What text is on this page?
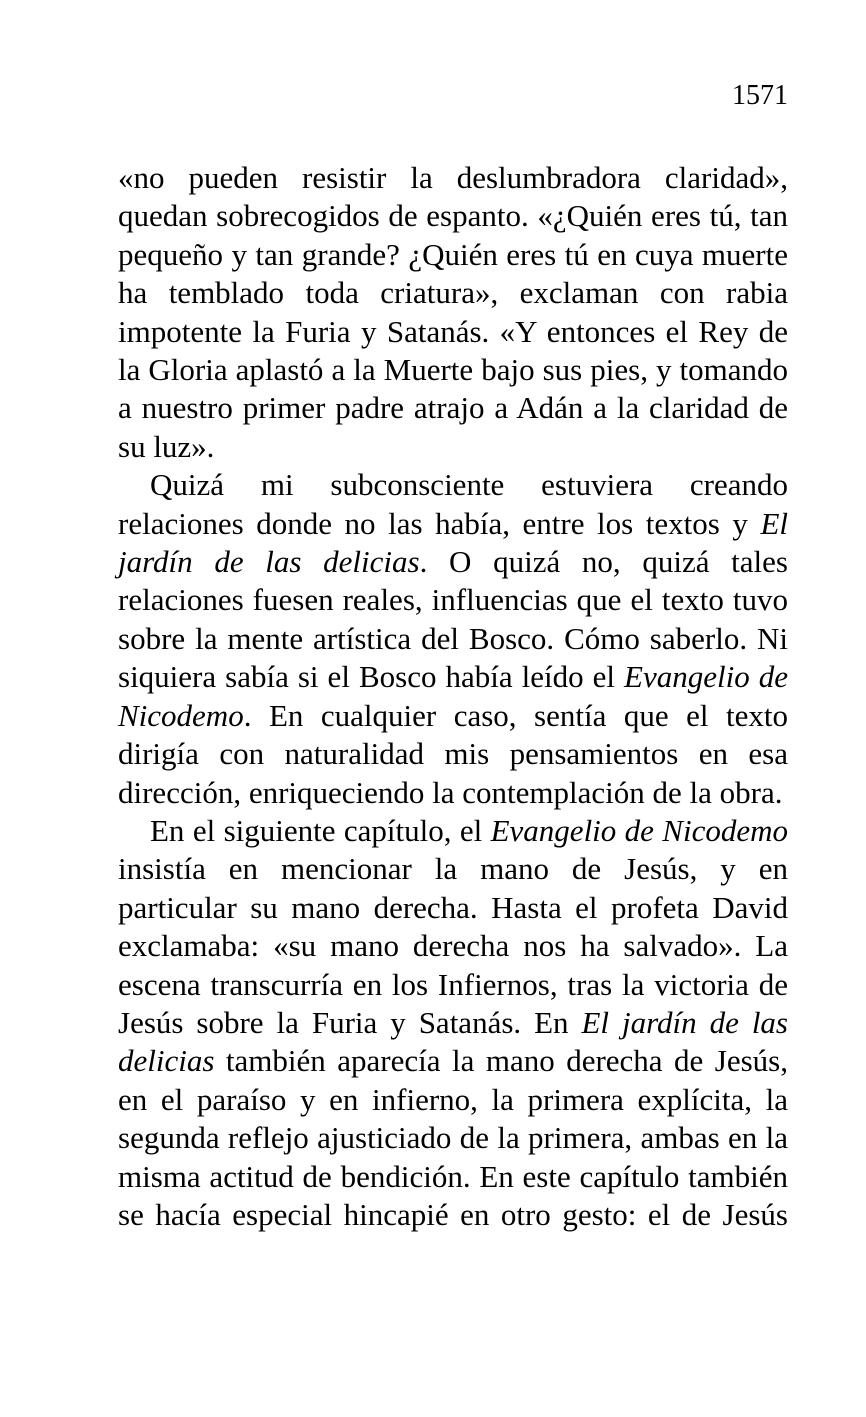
1571

«no pueden resistir la deslumbradora claridad», quedan sobrecogidos de espanto. «¿Quién eres tú, tan pequeño y tan grande? ¿Quién eres tú en cuya muerte ha temblado toda criatura», exclaman con rabia impotente la Furia y Satanás. «Y entonces el Rey de la Gloria aplastó a la Muerte bajo sus pies, y tomando a nuestro primer padre atrajo a Adán a la claridad de su luz».

Quizá mi subconsciente estuviera creando relaciones donde no las había, entre los textos y El jardín de las delicias. O quizá no, quizá tales relaciones fuesen reales, influencias que el texto tuvo sobre la mente artística del Bosco. Cómo saberlo. Ni siquiera sabía si el Bosco había leído el Evangelio de Nicodemo. En cualquier caso, sentía que el texto dirigía con naturalidad mis pensamientos en esa dirección, enriqueciendo la contemplación de la obra.

En el siguiente capítulo, el Evangelio de Nicodemo insistía en mencionar la mano de Jesús, y en particular su mano derecha. Hasta el profeta David exclamaba: «su mano derecha nos ha salvado». La escena transcurría en los Infiernos, tras la victoria de Jesús sobre la Furia y Satanás. En El jardín de las delicias también aparecía la mano derecha de Jesús, en el paraíso y en infierno, la primera explícita, la segunda reflejo ajusticiado de la primera, ambas en la misma actitud de bendición. En este capítulo también se hacía especial hincapié en otro gesto: el de Jesús
